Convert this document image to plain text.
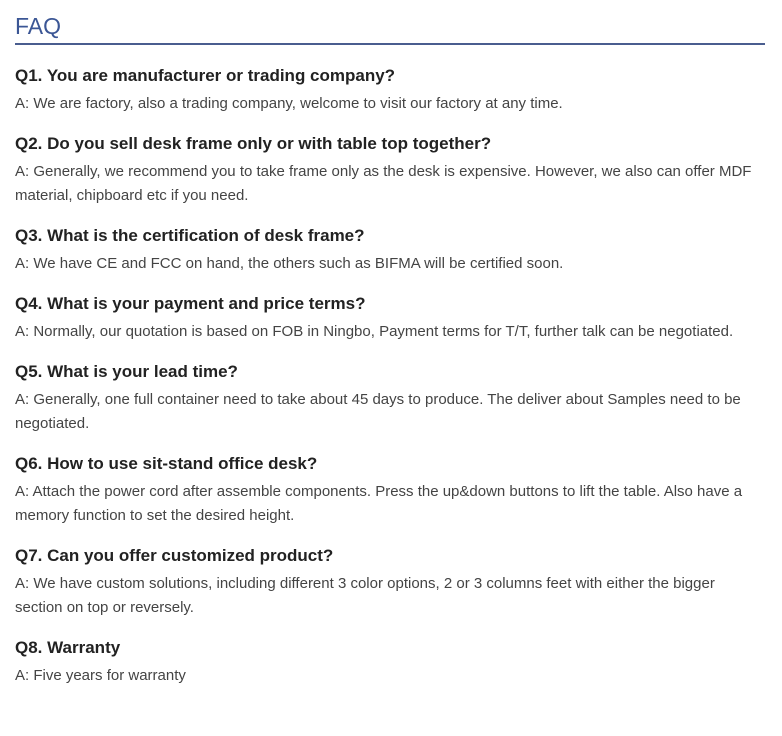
FAQ

Q1. You are manufacturer or trading company?

A: We are factory, also a trading company, welcome to visit our factory at any time.

Q2. Do you sell desk frame only or with table top together?

A: Generally, we recommend you to take frame only as the desk is expensive. However, we also can offer MDF material, chipboard etc if you need.

Q3. What is the certification of desk frame?

A: We have CE and FCC on hand, the others such as BIFMA will be certified soon.

Q4. What is your payment and price terms?

A: Normally, our quotation is based on FOB in Ningbo, Payment terms for T/T, further talk can be negotiated.

Q5. What is your lead time?

A: Generally, one full container need to take about 45 days to produce. The deliver about Samples need to be negotiated.

Q6. How to use sit-stand office desk?

A: Attach the power cord after assemble components. Press the up&down buttons to lift the table. Also have a memory function to set the desired height.

Q7. Can you offer customized product?

A: We have custom solutions, including different 3 color options, 2 or 3 columns feet with either the bigger section on top or reversely.

Q8. Warranty

A: Five years for warranty
